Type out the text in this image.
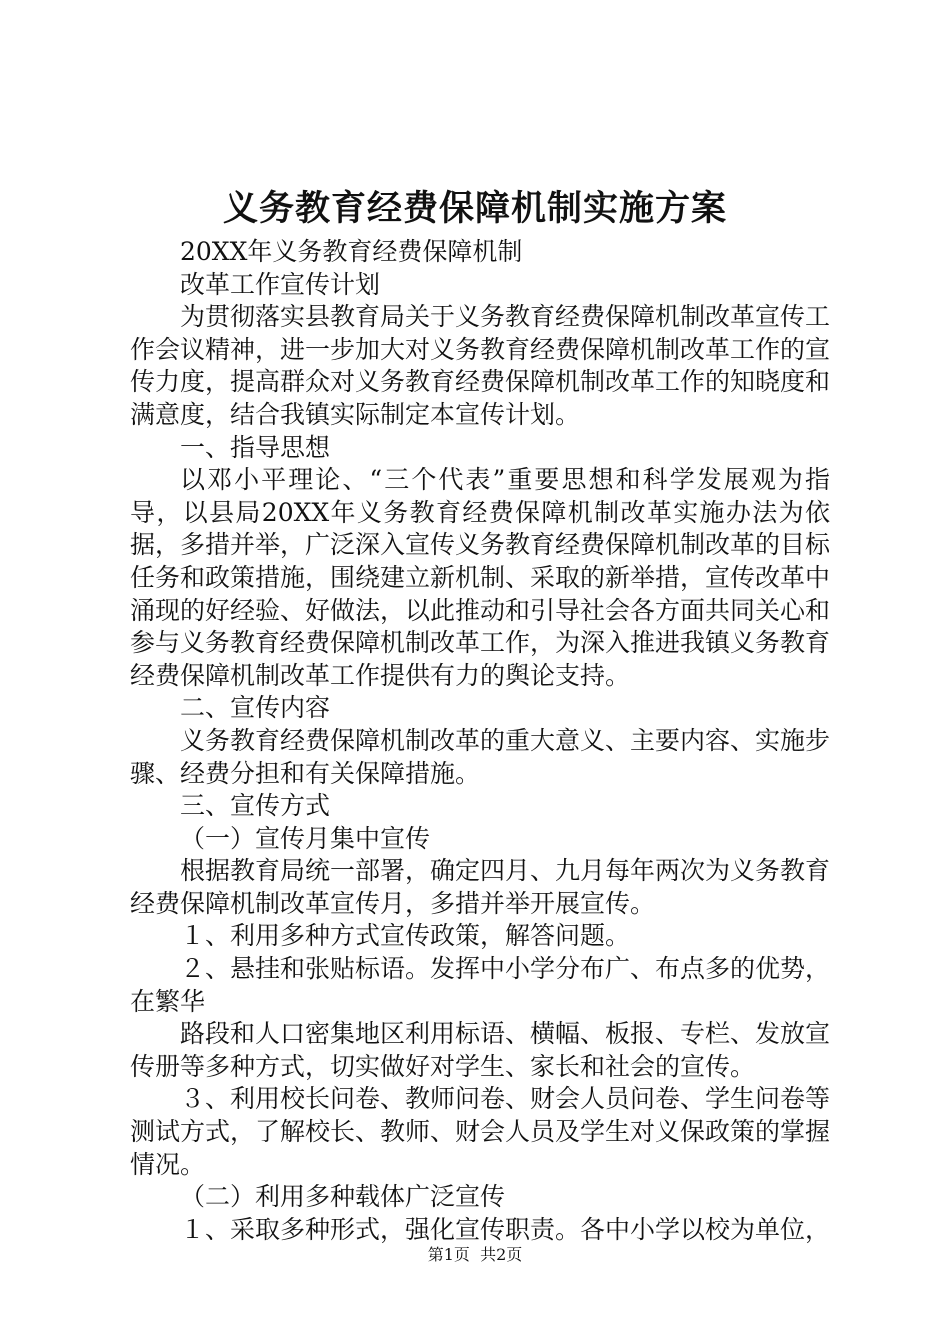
义务教育经费保障机制实施方案

20XX年义务教育经费保障机制

改革工作宣传计划

为贯彻落实县教育局关于义务教育经费保障机制改革宣传工作会议精神，进一步加大对义务教育经费保障机制改革工作的宣传力度，提高群众对义务教育经费保障机制改革工作的知晓度和满意度，结合我镇实际制定本宣传计划。

一、指导思想

以邓小平理论、“三个代表”重要思想和科学发展观为指导，以县局20XX年义务教育经费保障机制改革实施办法为依据，多措并举，广泛深入宣传义务教育经费保障机制改革的目标任务和政策措施，围绕建立新机制、采取的新举措，宣传改革中涌现的好经验、好做法，以此推动和引导社会各方面共同关心和参与义务教育经费保障机制改革工作，为深入推进我镇义务教育经费保障机制改革工作提供有力的舆论支持。

二、宣传内容

义务教育经费保障机制改革的重大意义、主要内容、实施步骤、经费分担和有关保障措施。

三、宣传方式

（一）宣传月集中宣传

根据教育局统一部署，确定四月、九月每年两次为义务教育经费保障机制改革宣传月，多措并举开展宣传。

１、利用多种方式宣传政策，解答问题。

２、悬挂和张贴标语。发挥中小学分布广、布点多的优势，在繁华

路段和人口密集地区利用标语、横幅、板报、专栏、发放宣传册等多种方式，切实做好对学生、家长和社会的宣传。

３、利用校长问卷、教师问卷、财会人员问卷、学生问卷等测试方式，了解校长、教师、财会人员及学生对义保政策的掌握情况。

（二）利用多种载体广泛宣传

１、采取多种形式，强化宣传职责。各中小学以校为单位，

第1页  共2页
